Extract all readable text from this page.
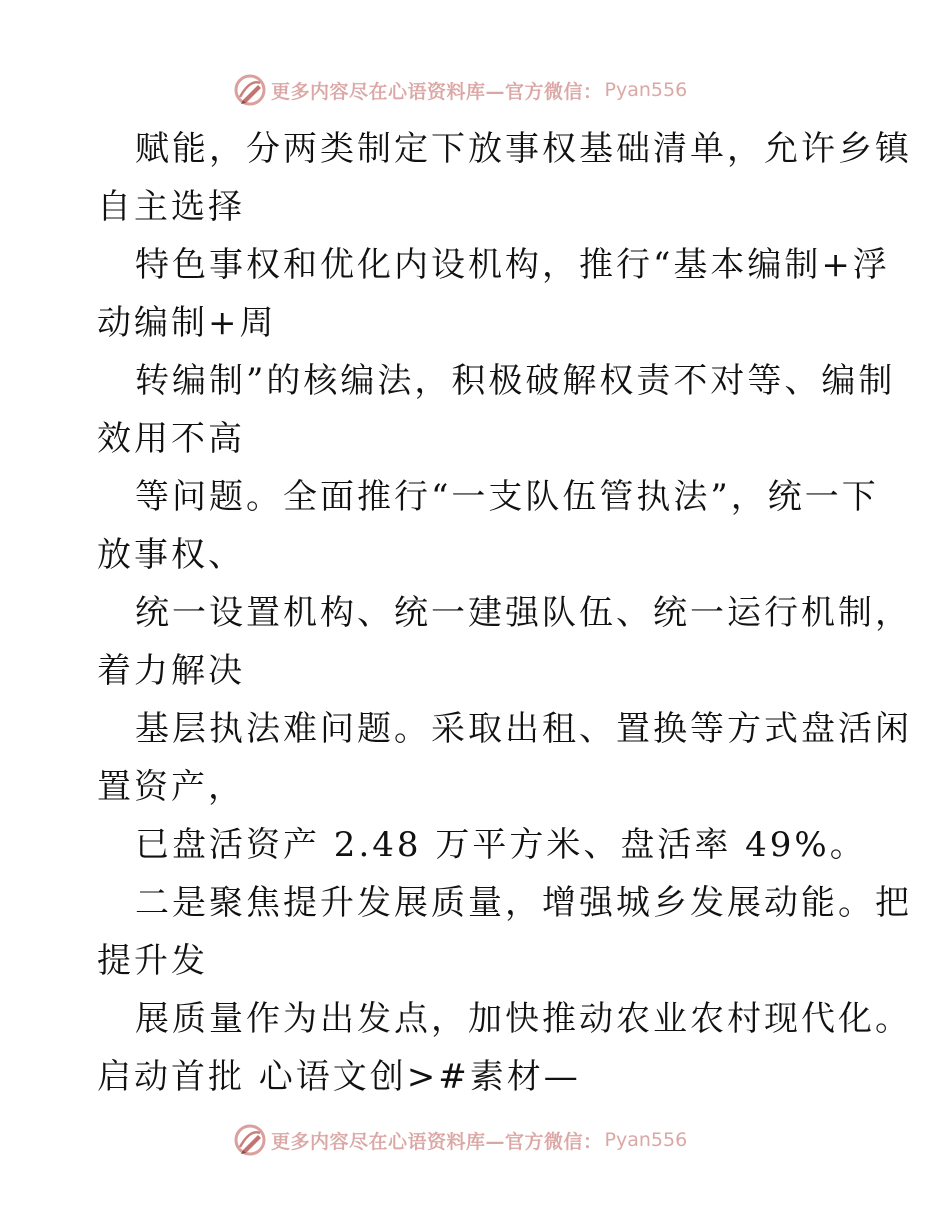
更多内容尽在心语资料库—官方微信： Pyan556
赋能，分两类制定下放事权基础清单，允许乡镇
自主选择
特色事权和优化内设机构，推行“基本编制+浮
动编制+周
转编制”的核编法，积极破解权责不对等、编制
效用不高
等问题。全面推行“一支队伍管执法”，统一下
放事权、
统一设置机构、统一建强队伍、统一运行机制，
着力解决
基层执法难问题。采取出租、置换等方式盘活闲
置资产，
已盘活资产 2.48 万平方米、盘活率 49%。
二是聚焦提升发展质量，增强城乡发展动能。把
提升发
展质量作为出发点，加快推动农业农村现代化。
启动首批 心语文创>#素材—
更多内容尽在心语资料库—官方微信： Pyan556
